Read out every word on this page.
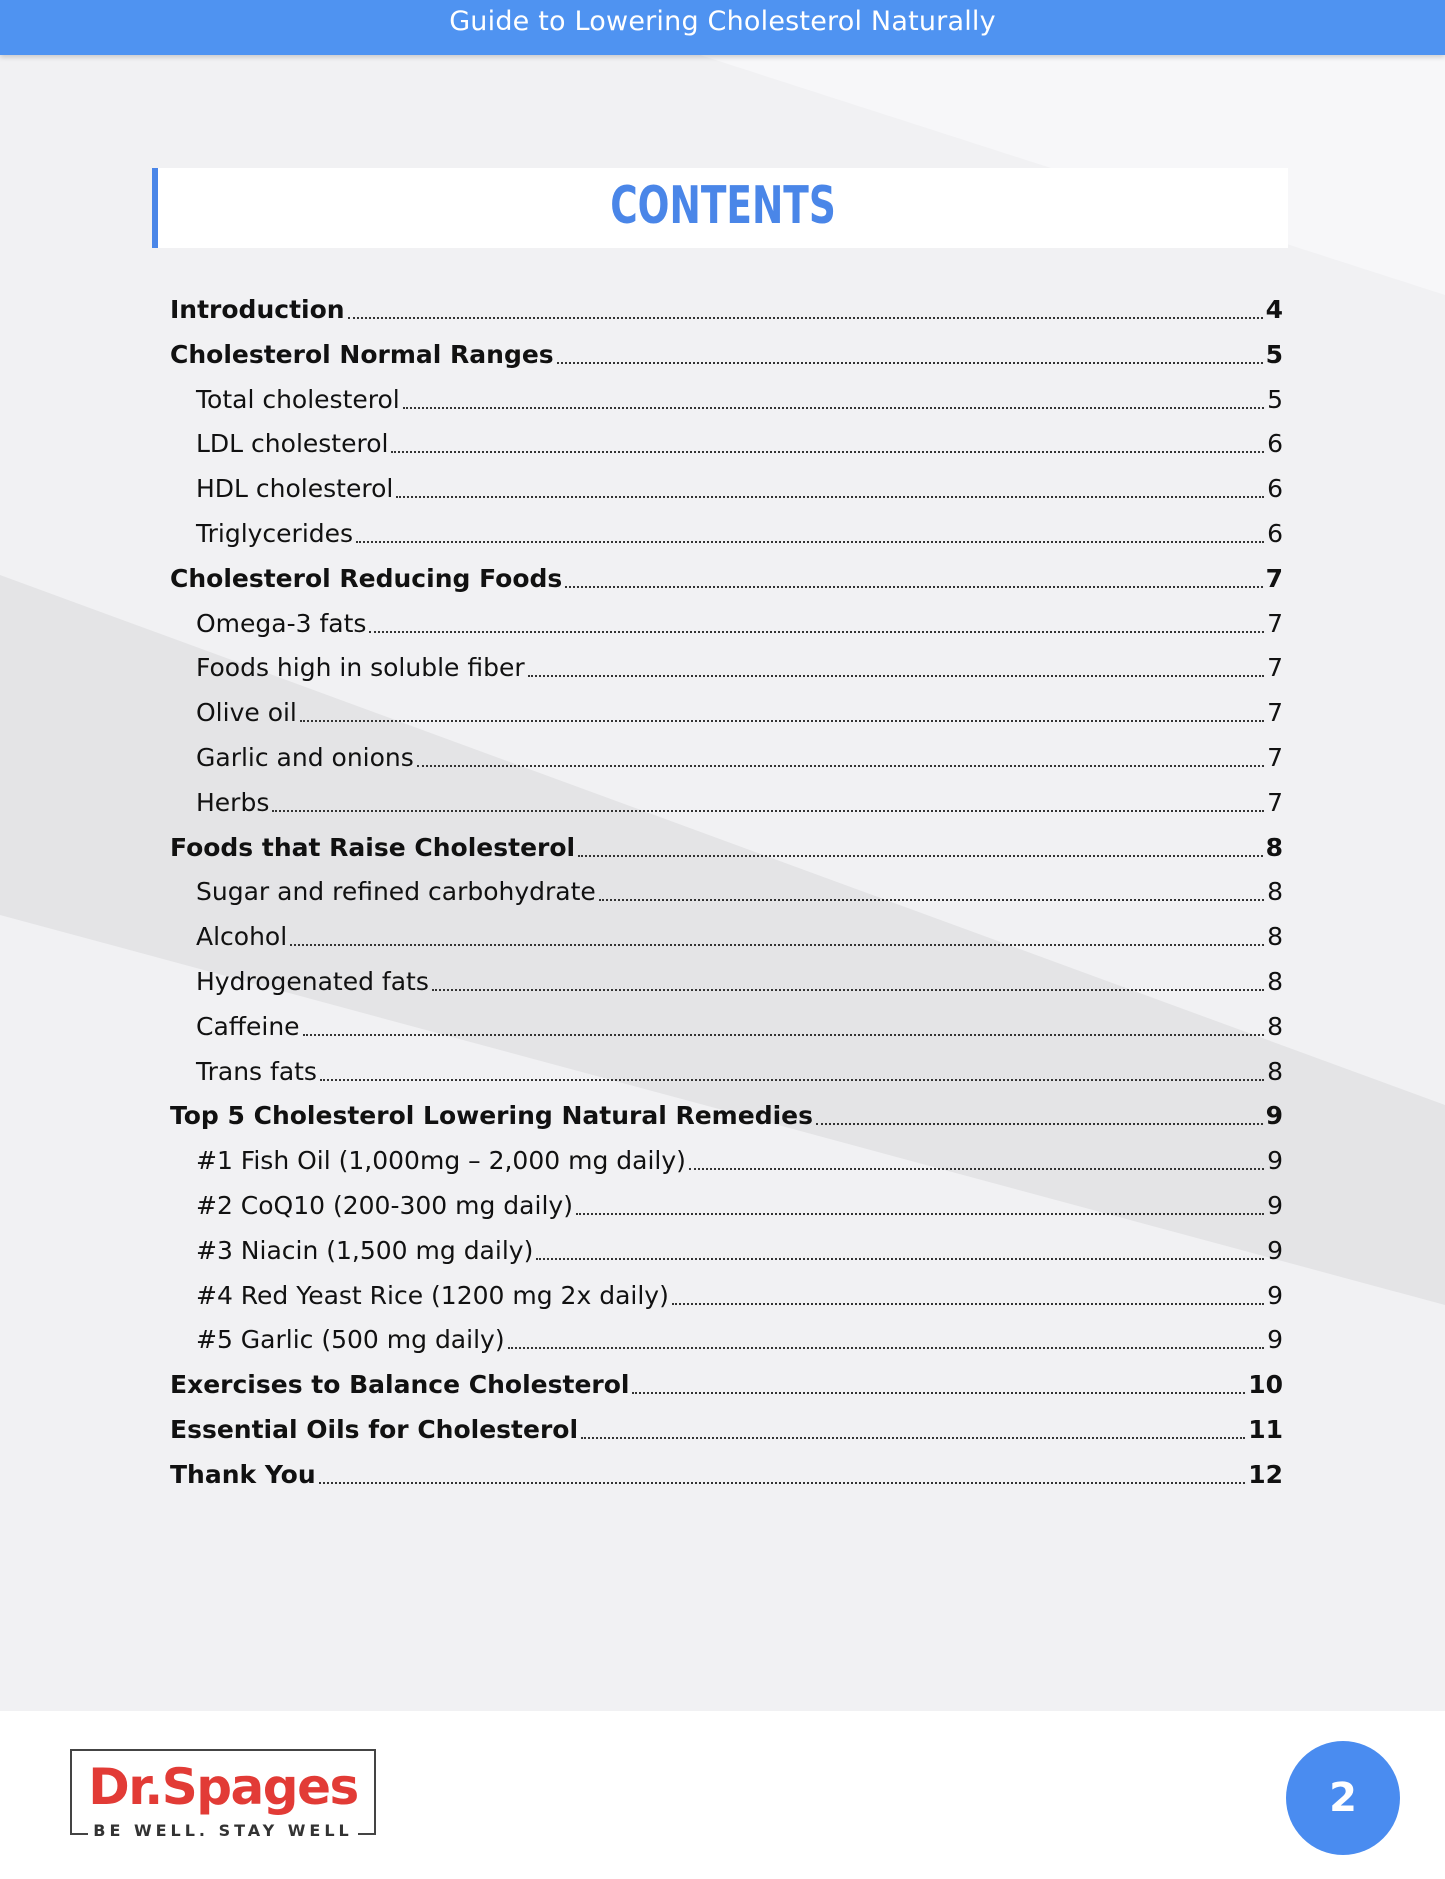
Guide to Lowering Cholesterol Naturally
CONTENTS
Introduction	4
Cholesterol Normal Ranges	5
Total cholesterol	5
LDL cholesterol	6
HDL cholesterol	6
Triglycerides	6
Cholesterol Reducing Foods	7
Omega-3 fats	7
Foods high in soluble fiber	7
Olive oil	7
Garlic and onions	7
Herbs	7
Foods that Raise Cholesterol	8
Sugar and refined carbohydrate	8
Alcohol	8
Hydrogenated fats	8
Caffeine	8
Trans fats	8
Top 5 Cholesterol Lowering Natural Remedies	9
#1 Fish Oil (1,000mg – 2,000 mg daily)	9
#2 CoQ10 (200-300 mg daily)	9
#3 Niacin (1,500 mg daily)	9
#4 Red Yeast Rice (1200 mg 2x daily)	9
#5 Garlic (500 mg daily)	9
Exercises to Balance Cholesterol	10
Essential Oils for Cholesterol	11
Thank You	12
Dr.Spages
BE WELL. STAY WELL
2
